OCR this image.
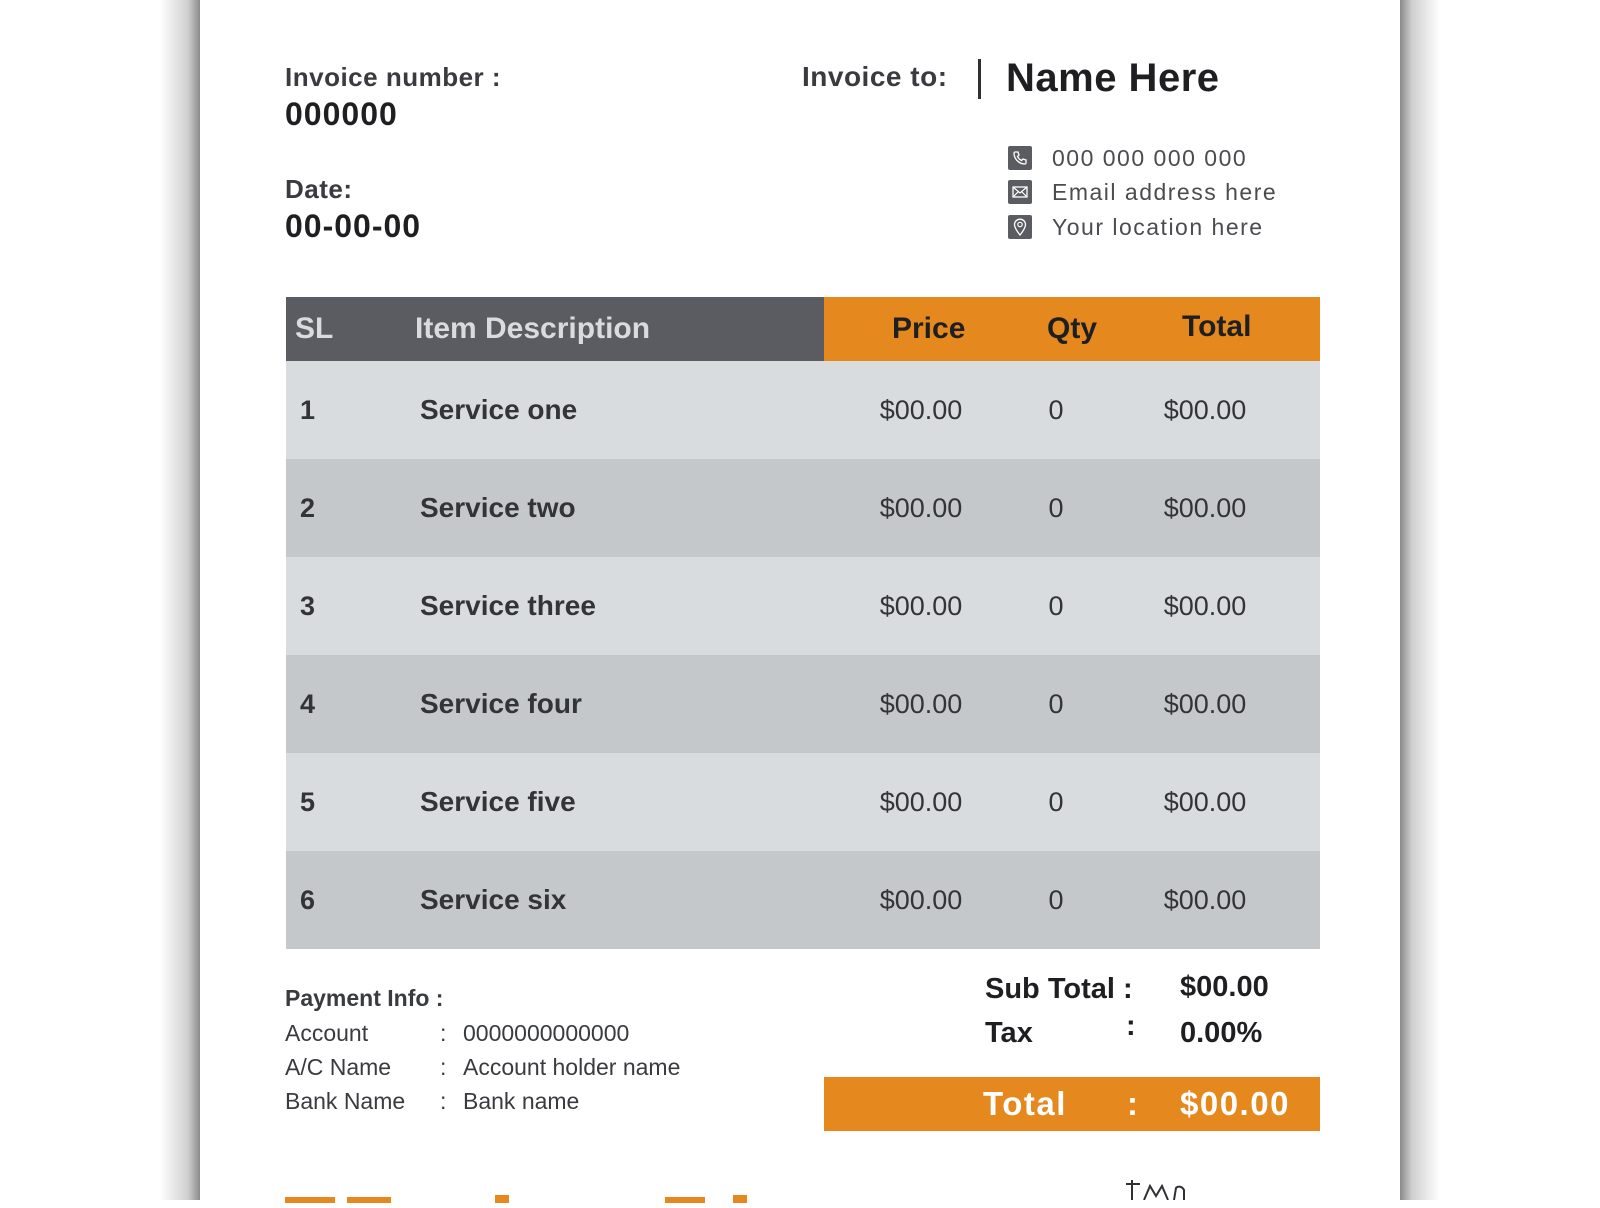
Invoice number :
000000
Date:
00-00-00
Invoice to: Name Here
000 000 000 000
Email address here
Your location here
SL	Item Description	Price	Qty	Total
1	Service one	$00.00	0	$00.00
2	Service two	$00.00	0	$00.00
3	Service three	$00.00	0	$00.00
4	Service four	$00.00	0	$00.00
5	Service five	$00.00	0	$00.00
6	Service six	$00.00	0	$00.00
Payment Info :
Account	: 0000000000000
A/C Name : Account holder name
Bank Name : Bank name
Sub Total : $00.00
Tax	: 0.00%
Total : $00.00
